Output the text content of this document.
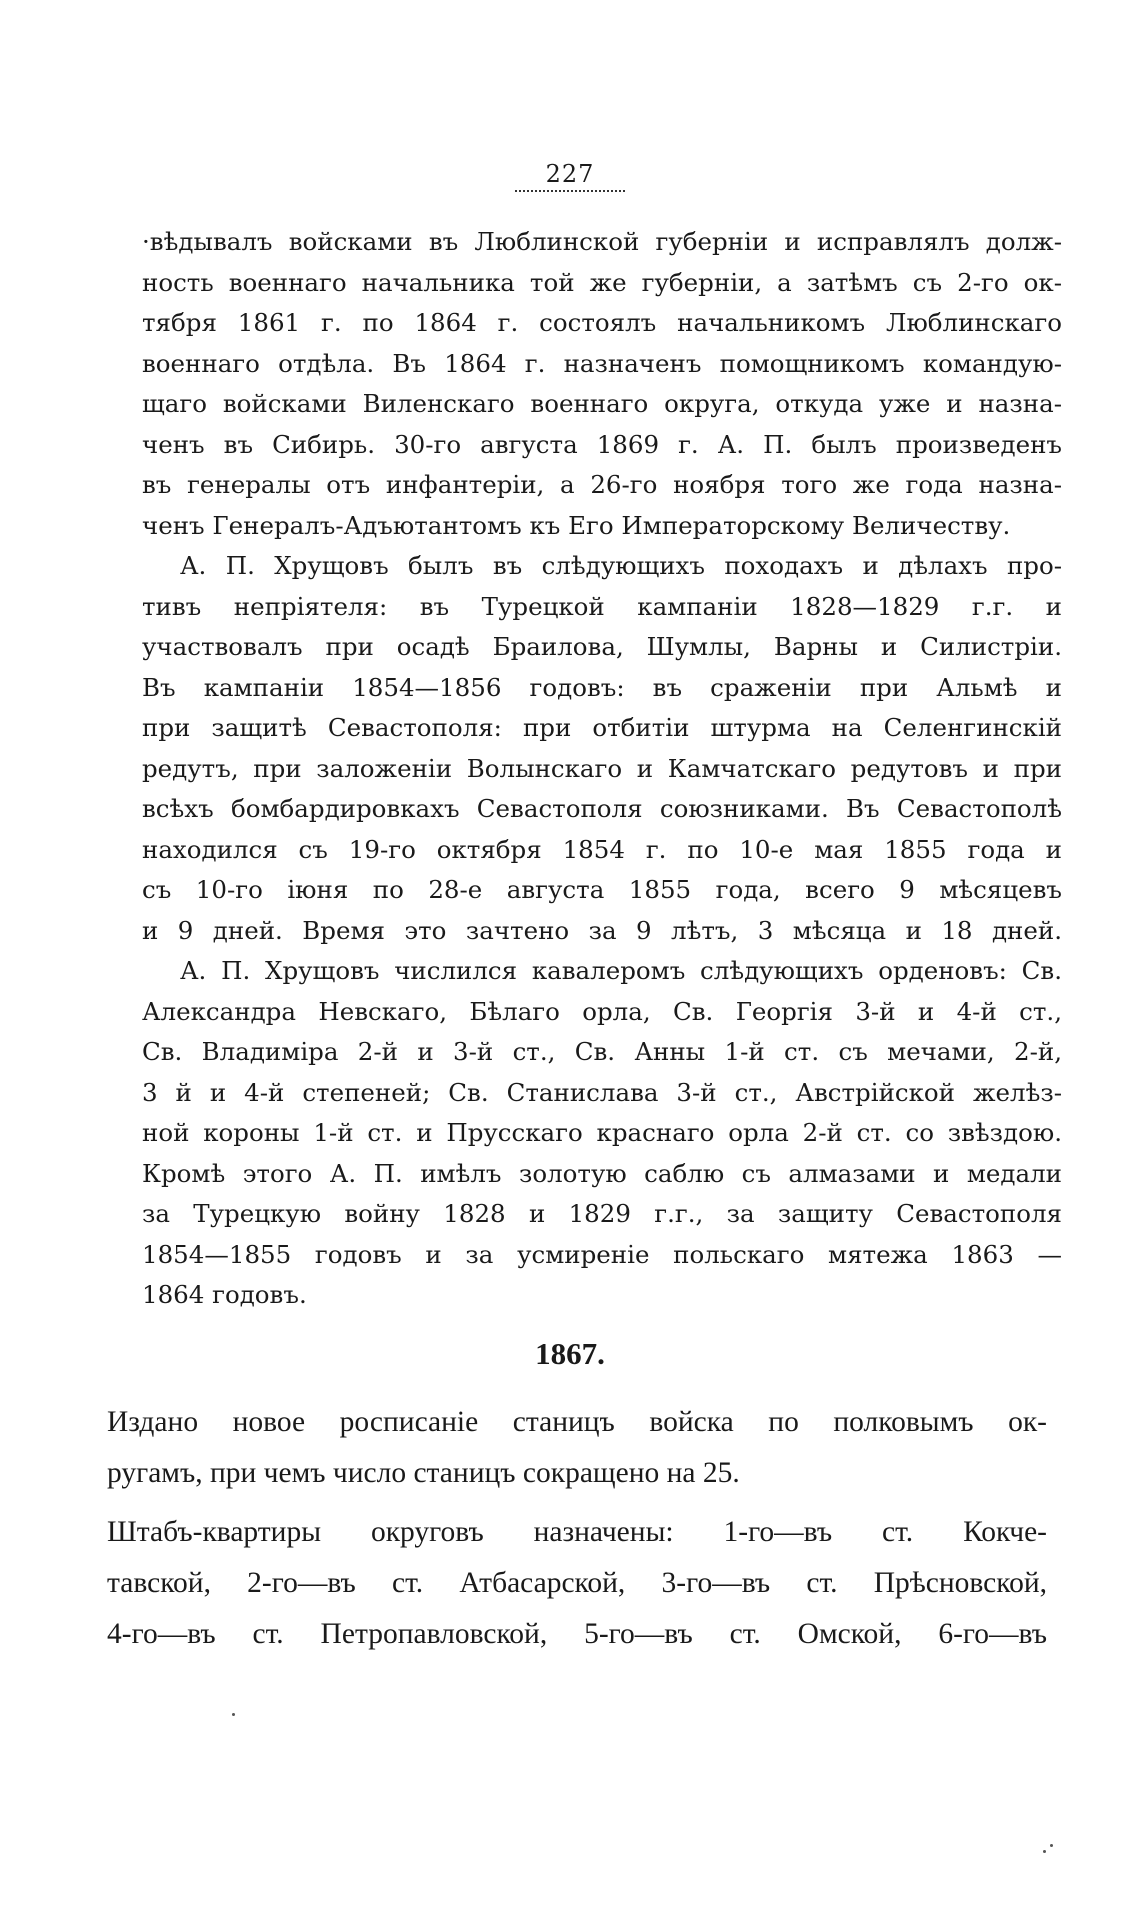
227
·вѣдывалъ войсками въ Люблинской губерніи и исправлялъ долж-
ность военнаго начальника той же губерніи, а затѣмъ съ 2-го ок-
тября 1861 г. по 1864 г. состоялъ начальникомъ Люблинскаго
военнаго отдѣла. Въ 1864 г. назначенъ помощникомъ командую-
щаго войсками Виленскаго военнаго округа, откуда уже и назна-
ченъ въ Сибирь. 30-го августа 1869 г. А. П. былъ произведенъ
въ генералы отъ инфантеріи, а 26-го ноября того же года назна-
ченъ Генералъ-Адъютантомъ къ Его Императорскому Величеству.
А. П. Хрущовъ былъ въ слѣдующихъ походахъ и дѣлахъ про-
тивъ непріятеля: въ Турецкой кампаніи 1828—1829 г.г. и
участвовалъ при осадѣ Браилова, Шумлы, Варны и Силистріи.
Въ кампаніи 1854—1856 годовъ: въ сраженіи при Альмѣ и
при защитѣ Севастополя: при отбитіи штурма на Селенгинскій
редутъ, при заложеніи Волынскаго и Камчатскаго редутовъ и при
всѣхъ бомбардировкахъ Севастополя союзниками. Въ Севастополѣ
находился съ 19-го октября 1854 г. по 10-е мая 1855 года и
съ 10-го іюня по 28-е августа 1855 года, всего 9 мѣсяцевъ
и 9 дней. Время это зачтено за 9 лѣтъ, 3 мѣсяца и 18 дней.
А. П. Хрущовъ числился кавалеромъ слѣдующихъ орденовъ: Св.
Александра Невскаго, Бѣлаго орла, Св. Георгія 3-й и 4-й ст.,
Св. Владиміра 2-й и 3-й ст., Св. Анны 1-й ст. съ мечами, 2-й,
3 й и 4-й степеней; Св. Станислава 3-й ст., Австрійской желѣз-
ной короны 1-й ст. и Прусскаго краснаго орла 2-й ст. со звѣздою.
Кромѣ этого А. П. имѣлъ золотую саблю съ алмазами и медали
за Турецкую войну 1828 и 1829 г.г., за защиту Севастополя
1854—1855 годовъ и за усмиреніе польскаго мятежа 1863 —
1864 годовъ.
1867.
Издано новое росписаніе станицъ войска по полковымъ ок-
ругамъ, при чемъ число станицъ сокращено на 25.
Штабъ-квартиры округовъ назначены: 1-го—въ ст. Кокче-
тавской, 2-го—въ ст. Атбасарской, 3-го—въ ст. Прѣсновской,
4-го—въ ст. Петропавловской, 5-го—въ ст. Омской, 6-го—въ
